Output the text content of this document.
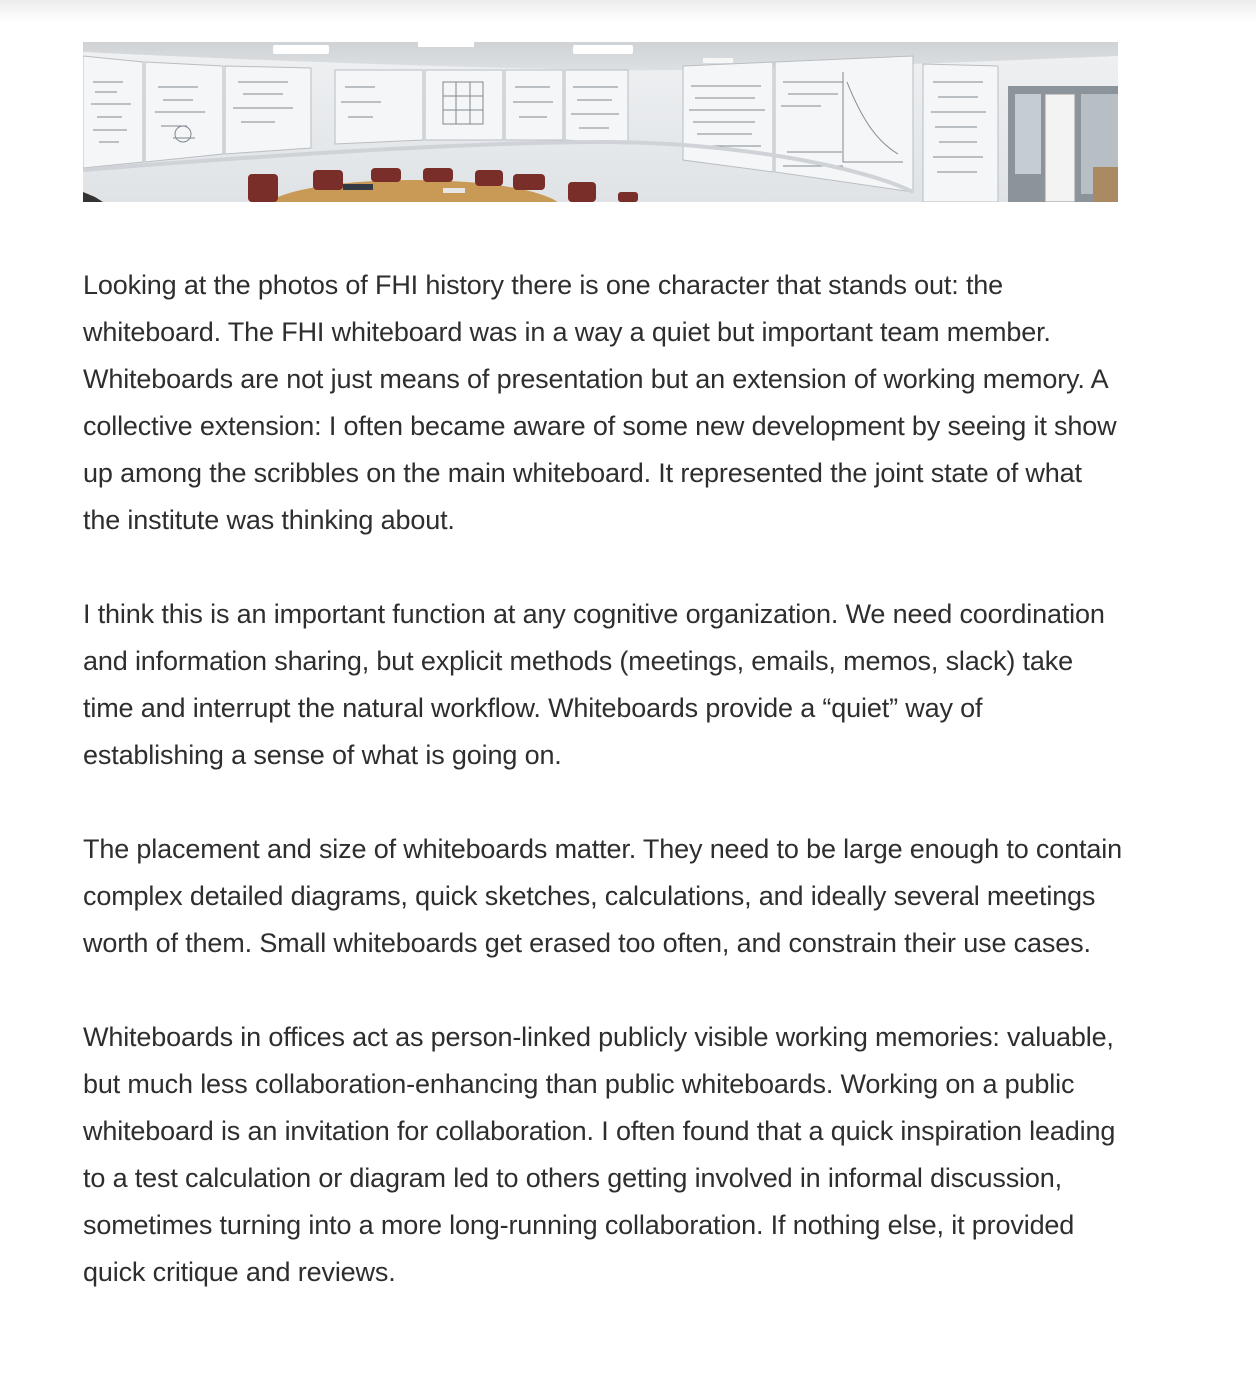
Looking at the photos of FHI history there is one character that stands out: the whiteboard. The FHI whiteboard was in a way a quiet but important team member. Whiteboards are not just means of presentation but an extension of working memory. A collective extension: I often became aware of some new development by seeing it show up among the scribbles on the main whiteboard. It represented the joint state of what the institute was thinking about.

I think this is an important function at any cognitive organization. We need coordination and information sharing, but explicit methods (meetings, emails, memos, slack) take time and interrupt the natural workflow. Whiteboards provide a “quiet” way of establishing a sense of what is going on.

The placement and size of whiteboards matter. They need to be large enough to contain complex detailed diagrams, quick sketches, calculations, and ideally several meetings worth of them. Small whiteboards get erased too often, and constrain their use cases.

Whiteboards in offices act as person-linked publicly visible working memories: valuable, but much less collaboration-enhancing than public whiteboards. Working on a public whiteboard is an invitation for collaboration. I often found that a quick inspiration leading to a test calculation or diagram led to others getting involved in informal discussion, sometimes turning into a more long-running collaboration. If nothing else, it provided quick critique and reviews.
